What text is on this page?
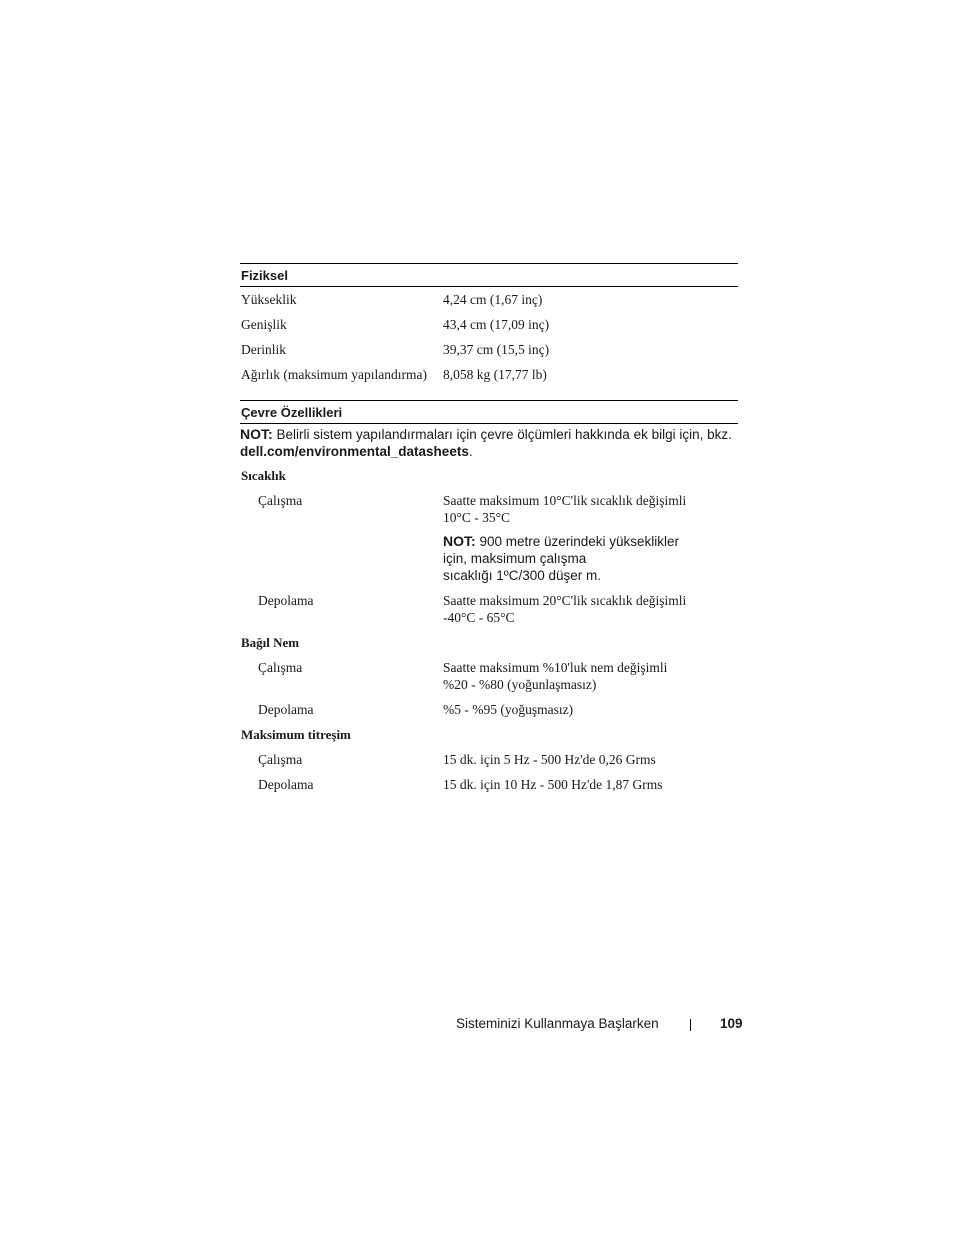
Fiziksel
Yükseklik	4,24 cm (1,67 inç)
Genişlik	43,4 cm (17,09 inç)
Derinlik	39,37 cm (15,5 inç)
Ağırlık (maksimum yapılandırma)	8,058 kg (17,77 lb)
Çevre Özellikleri
NOT: Belirli sistem yapılandırmaları için çevre ölçümleri hakkında ek bilgi için, bkz. dell.com/environmental_datasheets.
Sıcaklık
Çalışma	Saatte maksimum 10°C'lik sıcaklık değişimli
10°C - 35°C
NOT: 900 metre üzerindeki yükseklikler
için, maksimum çalışma
sıcaklığı 1ºC/300 düşer m.
Depolama	Saatte maksimum 20°C'lik sıcaklık değişimli
-40°C - 65°C
Bağıl Nem
Çalışma	Saatte maksimum %10'luk nem değişimli
%20 - %80 (yoğunlaşmasız)
Depolama	%5 - %95 (yoğuşmasız)
Maksimum titreşim
Çalışma	15 dk. için 5 Hz - 500 Hz'de 0,26 Grms
Depolama	15 dk. için 10 Hz - 500 Hz'de 1,87 Grms
Sisteminizi Kullanmaya Başlarken	109
